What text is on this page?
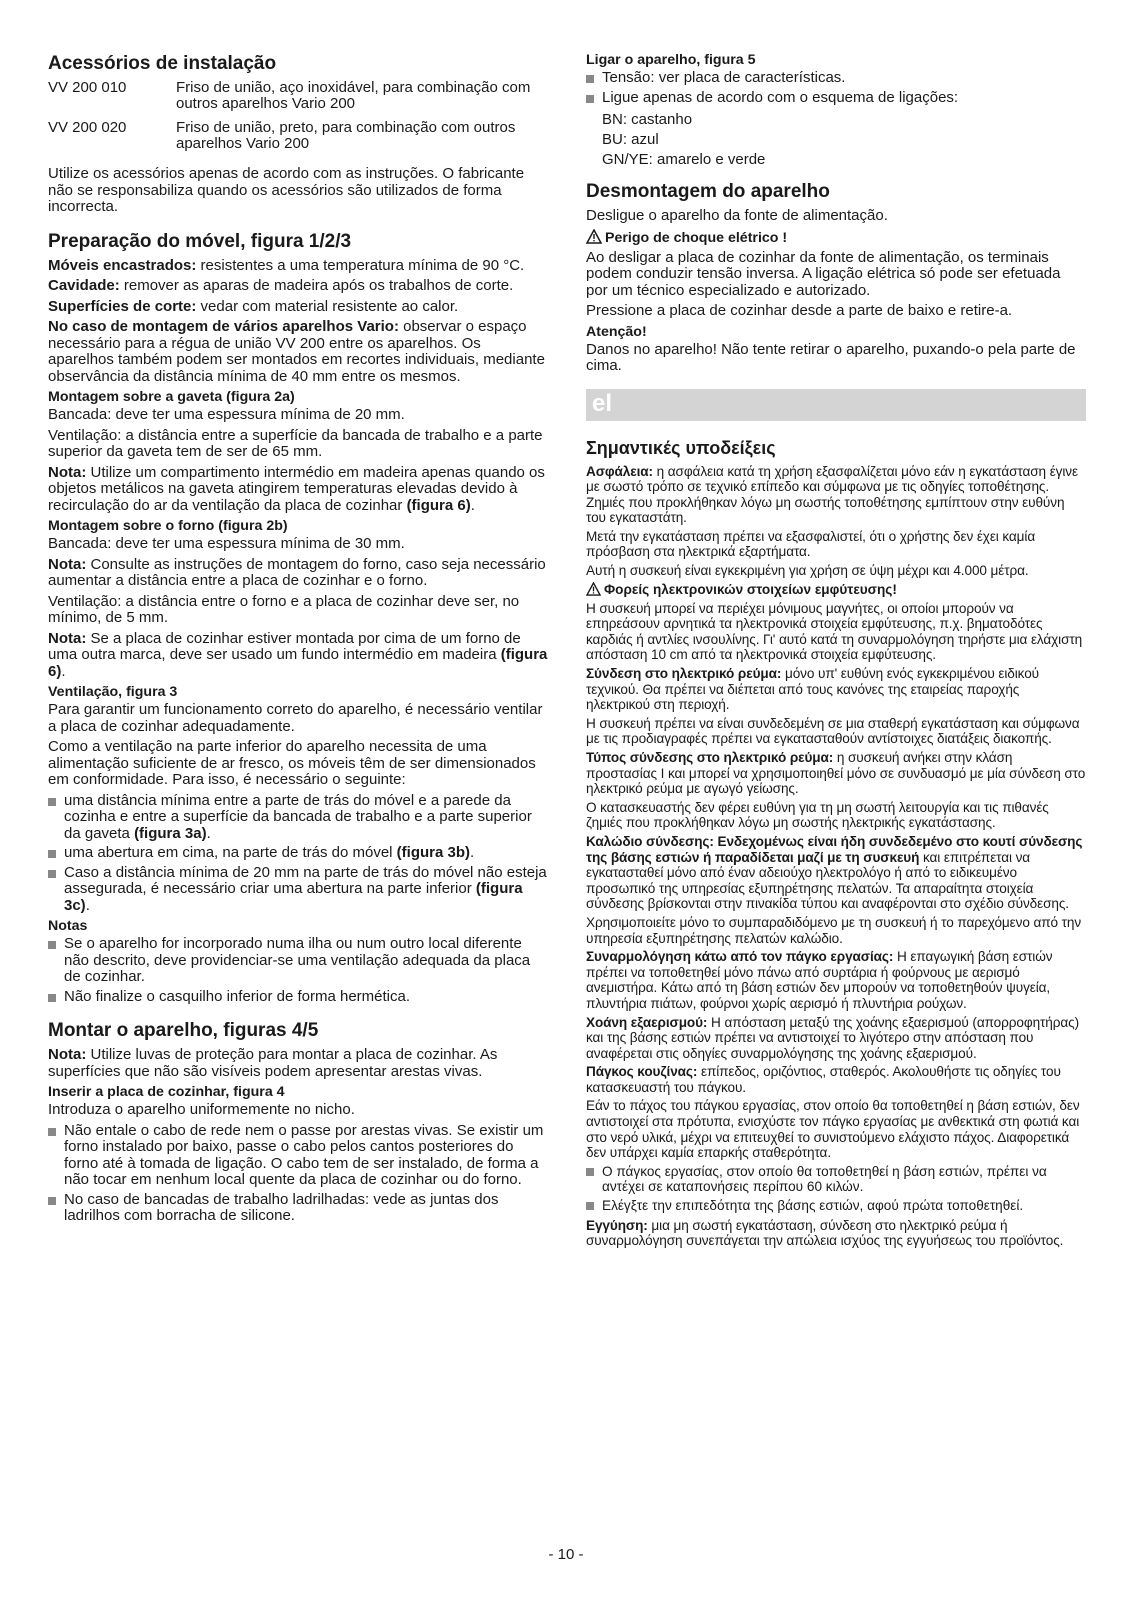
Acessórios de instalação
VV 200 010	Friso de união, aço inoxidável, para combinação com outros aparelhos Vario 200
VV 200 020	Friso de união, preto, para combinação com outros aparelhos Vario 200

Utilize os acessórios apenas de acordo com as instruções. O fabricante não se responsabiliza quando os acessórios são utilizados de forma incorrecta.

Preparação do móvel, figura 1/2/3

Móveis encastrados: resistentes a uma temperatura mínima de 90 °C.

Cavidade: remover as aparas de madeira após os trabalhos de corte.

Superfícies de corte: vedar com material resistente ao calor.

No caso de montagem de vários aparelhos Vario: observar o espaço necessário para a régua de união VV 200 entre os aparelhos. Os aparelhos também podem ser montados em recortes individuais, mediante observância da distância mínima de 40 mm entre os mesmos.

Montagem sobre a gaveta (figura 2a)

Bancada: deve ter uma espessura mínima de 20 mm.

Ventilação: a distância entre a superfície da bancada de trabalho e a parte superior da gaveta tem de ser de 65 mm.

Nota: Utilize um compartimento intermédio em madeira apenas quando os objetos metálicos na gaveta atingirem temperaturas elevadas devido à recirculação do ar da ventilação da placa de cozinhar (figura 6).

Montagem sobre o forno (figura 2b)

Bancada: deve ter uma espessura mínima de 30 mm.

Nota: Consulte as instruções de montagem do forno, caso seja necessário aumentar a distância entre a placa de cozinhar e o forno.

Ventilação: a distância entre o forno e a placa de cozinhar deve ser, no mínimo, de 5 mm.

Nota: Se a placa de cozinhar estiver montada por cima de um forno de uma outra marca, deve ser usado um fundo intermédio em madeira (figura 6).

Ventilação, figura 3

Para garantir um funcionamento correto do aparelho, é necessário ventilar a placa de cozinhar adequadamente.

Como a ventilação na parte inferior do aparelho necessita de uma alimentação suficiente de ar fresco, os móveis têm de ser dimensionados em conformidade. Para isso, é necessário o seguinte:

uma distância mínima entre a parte de trás do móvel e a parede da cozinha e entre a superfície da bancada de trabalho e a parte superior da gaveta (figura 3a).
uma abertura em cima, na parte de trás do móvel (figura 3b).
Caso a distância mínima de 20 mm na parte de trás do móvel não esteja assegurada, é necessário criar uma abertura na parte inferior (figura 3c).
Notas
Se o aparelho for incorporado numa ilha ou num outro local diferente não descrito, deve providenciar-se uma ventilação adequada da placa de cozinhar.
Não finalize o casquilho inferior de forma hermética.
Montar o aparelho, figuras 4/5

Nota: Utilize luvas de proteção para montar a placa de cozinhar. As superfícies que não são visíveis podem apresentar arestas vivas.

Inserir a placa de cozinhar, figura 4

Introduza o aparelho uniformemente no nicho.

Não entale o cabo de rede nem o passe por arestas vivas. Se existir um forno instalado por baixo, passe o cabo pelos cantos posteriores do forno até à tomada de ligação. O cabo tem de ser instalado, de forma a não tocar em nenhum local quente da placa de cozinhar ou do forno.
No caso de bancadas de trabalho ladrilhadas: vede as juntas dos ladrilhos com borracha de silicone.
Ligar o aparelho, figura 5
Tensão: ver placa de características.
Ligue apenas de acordo com o esquema de ligações:
BN: castanho
BU: azul
GN/YE: amarelo e verde
Desmontagem do aparelho

Desligue o aparelho da fonte de alimentação.

Perigo de choque elétrico !

Ao desligar a placa de cozinhar da fonte de alimentação, os terminais podem conduzir tensão inversa. A ligação elétrica só pode ser efetuada por um técnico especializado e autorizado.

Pressione a placa de cozinhar desde a parte de baixo e retire-a.

Atenção!

Danos no aparelho! Não tente retirar o aparelho, puxando-o pela parte de cima.

el
Σημαντικές υποδείξεις

Ασφάλεια: η ασφάλεια κατά τη χρήση εξασφαλίζεται μόνο εάν η εγκατάσταση έγινε με σωστό τρόπο σε τεχνικό επίπεδο και σύμφωνα με τις οδηγίες τοποθέτησης. Ζημιές που προκλήθηκαν λόγω μη σωστής τοποθέτησης εμπίπτουν στην ευθύνη του εγκαταστάτη.

Μετά την εγκατάσταση πρέπει να εξασφαλιστεί, ότι ο χρήστης δεν έχει καμία πρόσβαση στα ηλεκτρικά εξαρτήματα.

Αυτή η συσκευή είναι εγκεκριμένη για χρήση σε ύψη μέχρι και 4.000 μέτρα.

Φορείς ηλεκτρονικών στοιχείων εμφύτευσης!

Η συσκευή μπορεί να περιέχει μόνιμους μαγνήτες, οι οποίοι μπορούν να επηρεάσουν αρνητικά τα ηλεκτρονικά στοιχεία εμφύτευσης, π.χ. βηματοδότες καρδιάς ή αντλίες ινσουλίνης. Γι' αυτό κατά τη συναρμολόγηση τηρήστε μια ελάχιστη απόσταση 10 cm από τα ηλεκτρονικά στοιχεία εμφύτευσης.

Σύνδεση στο ηλεκτρικό ρεύμα: μόνο υπ' ευθύνη ενός εγκεκριμένου ειδικού τεχνικού. Θα πρέπει να διέπεται από τους κανόνες της εταιρείας παροχής ηλεκτρικού στη περιοχή.

Η συσκευή πρέπει να είναι συνδεδεμένη σε μια σταθερή εγκατάσταση και σύμφωνα με τις προδιαγραφές πρέπει να εγκατασταθούν αντίστοιχες διατάξεις διακοπής.

Τύπος σύνδεσης στο ηλεκτρικό ρεύμα: η συσκευή ανήκει στην κλάση προστασίας I και μπορεί να χρησιμοποιηθεί μόνο σε συνδυασμό με μία σύνδεση στο ηλεκτρικό ρεύμα με αγωγό γείωσης.

Ο κατασκευαστής δεν φέρει ευθύνη για τη μη σωστή λειτουργία και τις πιθανές ζημιές που προκλήθηκαν λόγω μη σωστής ηλεκτρικής εγκατάστασης.

Καλώδιο σύνδεσης: Ενδεχομένως είναι ήδη συνδεδεμένο στο κουτί σύνδεσης της βάσης εστιών ή παραδίδεται μαζί με τη συσκευή και επιτρέπεται να εγκατασταθεί μόνο από έναν αδειούχο ηλεκτρολόγο ή από το ειδικευμένο προσωπικό της υπηρεσίας εξυπηρέτησης πελατών. Τα απαραίτητα στοιχεία σύνδεσης βρίσκονται στην πινακίδα τύπου και αναφέρονται στο σχέδιο σύνδεσης.

Χρησιμοποιείτε μόνο το συμπαραδιδόμενο με τη συσκευή ή το παρεχόμενο από την υπηρεσία εξυπηρέτησης πελατών καλώδιο.

Συναρμολόγηση κάτω από τον πάγκο εργασίας: Η επαγωγική βάση εστιών πρέπει να τοποθετηθεί μόνο πάνω από συρτάρια ή φούρνους με αερισμό ανεμιστήρα. Κάτω από τη βάση εστιών δεν μπορούν να τοποθετηθούν ψυγεία, πλυντήρια πιάτων, φούρνοι χωρίς αερισμό ή πλυντήρια ρούχων.

Χοάνη εξαερισμού: Η απόσταση μεταξύ της χοάνης εξαερισμού (απορροφητήρας) και της βάσης εστιών πρέπει να αντιστοιχεί το λιγότερο στην απόσταση που αναφέρεται στις οδηγίες συναρμολόγησης της χοάνης εξαερισμού.

Πάγκος κουζίνας: επίπεδος, οριζόντιος, σταθερός. Ακολουθήστε τις οδηγίες του κατασκευαστή του πάγκου.

Εάν το πάχος του πάγκου εργασίας, στον οποίο θα τοποθετηθεί η βάση εστιών, δεν αντιστοιχεί στα πρότυπα, ενισχύστε τον πάγκο εργασίας με ανθεκτικά στη φωτιά και στο νερό υλικά, μέχρι να επιτευχθεί το συνιστούμενο ελάχιστο πάχος. Διαφορετικά δεν υπάρχει καμία επαρκής σταθερότητα.

Ο πάγκος εργασίας, στον οποίο θα τοποθετηθεί η βάση εστιών, πρέπει να αντέχει σε καταπονήσεις περίπου 60 κιλών.
Ελέγξτε την επιπεδότητα της βάσης εστιών, αφού πρώτα τοποθετηθεί.

Εγγύηση: μια μη σωστή εγκατάσταση, σύνδεση στο ηλεκτρικό ρεύμα ή συναρμολόγηση συνεπάγεται την απώλεια ισχύος της εγγυήσεως του προϊόντος.

- 10 -
